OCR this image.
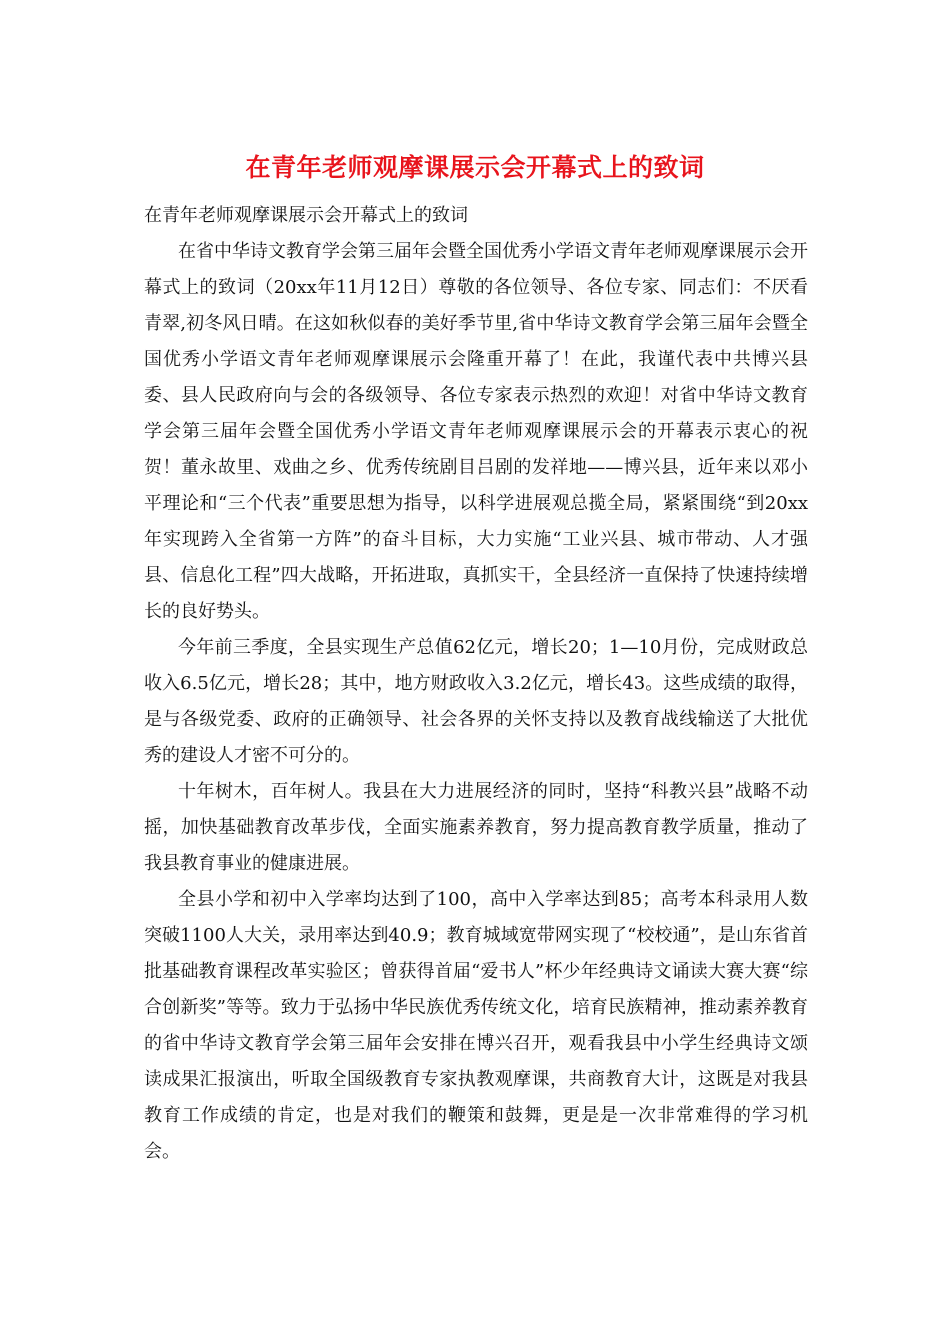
在青年老师观摩课展示会开幕式上的致词

在青年老师观摩课展示会开幕式上的致词

在省中华诗文教育学会第三届年会暨全国优秀小学语文青年老师观摩课展示会开幕式上的致词（20xx年11月12日）尊敬的各位领导、各位专家、同志们：不厌看青翠,初冬风日晴。在这如秋似春的美好季节里,省中华诗文教育学会第三届年会暨全国优秀小学语文青年老师观摩课展示会隆重开幕了！在此，我谨代表中共博兴县委、县人民政府向与会的各级领导、各位专家表示热烈的欢迎！对省中华诗文教育学会第三届年会暨全国优秀小学语文青年老师观摩课展示会的开幕表示衷心的祝贺！董永故里、戏曲之乡、优秀传统剧目吕剧的发祥地——博兴县，近年来以邓小平理论和“三个代表”重要思想为指导，以科学进展观总揽全局，紧紧围绕“到20xx年实现跨入全省第一方阵”的奋斗目标，大力实施“工业兴县、城市带动、人才强县、信息化工程”四大战略，开拓进取，真抓实干，全县经济一直保持了快速持续增长的良好势头。

今年前三季度，全县实现生产总值62亿元，增长20；1—10月份，完成财政总收入6.5亿元，增长28；其中，地方财政收入3.2亿元，增长43。这些成绩的取得，是与各级党委、政府的正确领导、社会各界的关怀支持以及教育战线输送了大批优秀的建设人才密不可分的。

十年树木，百年树人。我县在大力进展经济的同时，坚持“科教兴县”战略不动摇，加快基础教育改革步伐，全面实施素养教育，努力提高教育教学质量，推动了我县教育事业的健康进展。

全县小学和初中入学率均达到了100，高中入学率达到85；高考本科录用人数突破1100人大关，录用率达到40.9；教育城域宽带网实现了“校校通”，是山东省首批基础教育课程改革实验区；曾获得首届“爱书人”杯少年经典诗文诵读大赛大赛“综合创新奖”等等。致力于弘扬中华民族优秀传统文化，培育民族精神，推动素养教育的省中华诗文教育学会第三届年会安排在博兴召开，观看我县中小学生经典诗文颂读成果汇报演出，听取全国级教育专家执教观摩课，共商教育大计，这既是对我县教育工作成绩的肯定，也是对我们的鞭策和鼓舞，更是是一次非常难得的学习机会。
